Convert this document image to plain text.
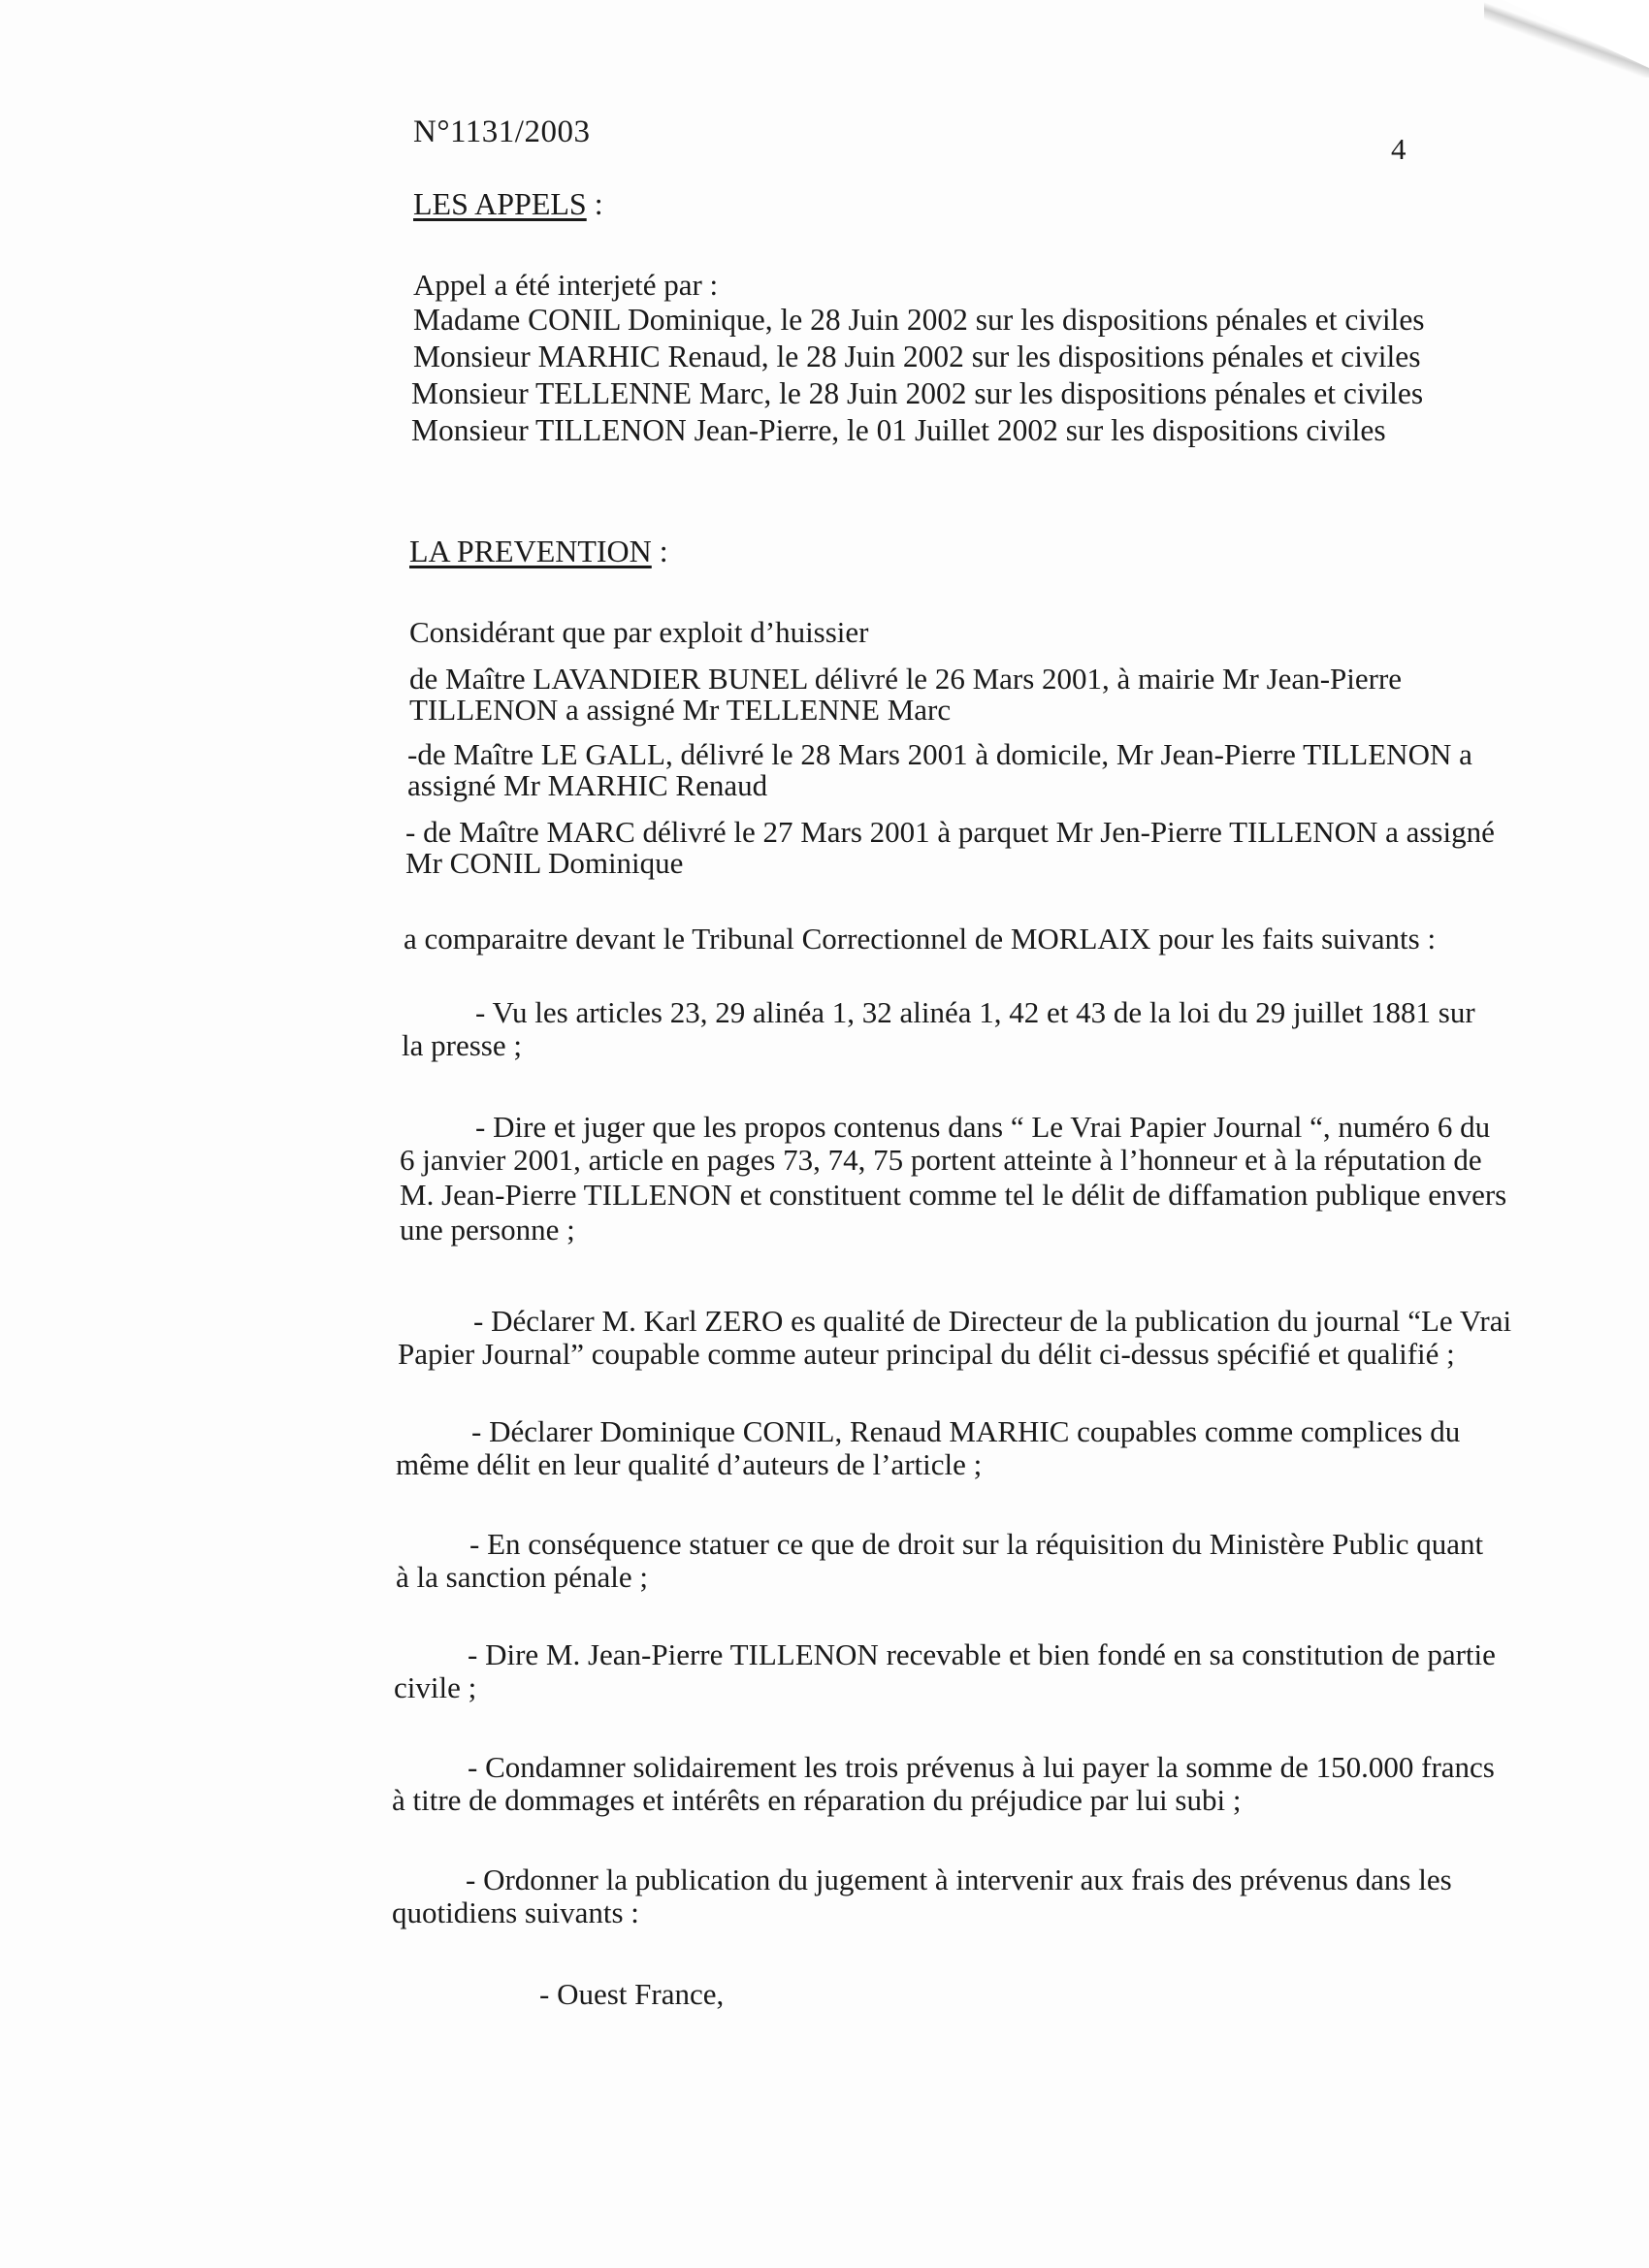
N°1131/2003	4
LES APPELS :
Appel a été interjeté par :
Madame CONIL Dominique, le 28 Juin 2002 sur les dispositions pénales et civiles
Monsieur MARHIC Renaud, le 28 Juin 2002 sur les dispositions pénales et civiles
Monsieur TELLENNE Marc, le 28 Juin 2002 sur les dispositions pénales et civiles
Monsieur TILLENON Jean-Pierre, le 01 Juillet 2002 sur les dispositions civiles
LA PREVENTION :
Considérant que par exploit d’huissier
de Maître LAVANDIER BUNEL délivré le 26 Mars 2001, à mairie Mr Jean-Pierre
TILLENON a assigné Mr TELLENNE Marc
-de Maître LE GALL, délivré le 28 Mars 2001 à domicile, Mr Jean-Pierre TILLENON a
assigné Mr MARHIC Renaud
- de Maître MARC délivré le 27 Mars 2001 à parquet Mr Jen-Pierre TILLENON a assigné
Mr CONIL Dominique
a comparaitre devant le Tribunal Correctionnel de MORLAIX pour les faits suivants :
- Vu les articles 23, 29 alinéa 1, 32 alinéa 1, 42 et 43 de la loi du 29 juillet 1881 sur
la presse ;
- Dire et juger que les propos contenus dans “ Le Vrai Papier Journal “, numéro 6 du
6 janvier 2001, article en pages 73, 74, 75 portent atteinte à l’honneur et à la réputation de
M. Jean-Pierre TILLENON et constituent comme tel le délit de diffamation publique envers
une personne ;
- Déclarer M. Karl ZERO es qualité de Directeur de la publication du journal “Le Vrai
Papier Journal” coupable comme auteur principal du délit ci-dessus spécifié et qualifié ;
- Déclarer Dominique CONIL, Renaud MARHIC coupables comme complices du
même délit en leur qualité d’auteurs de l’article ;
- En conséquence statuer ce que de droit sur la réquisition du Ministère Public quant
à la sanction pénale ;
- Dire M. Jean-Pierre TILLENON recevable et bien fondé en sa constitution de partie
civile ;
- Condamner solidairement les trois prévenus à lui payer la somme de 150.000 francs
à titre de dommages et intérêts en réparation du préjudice par lui subi ;
- Ordonner la publication du jugement à intervenir aux frais des prévenus dans les
quotidiens suivants :
- Ouest France,
